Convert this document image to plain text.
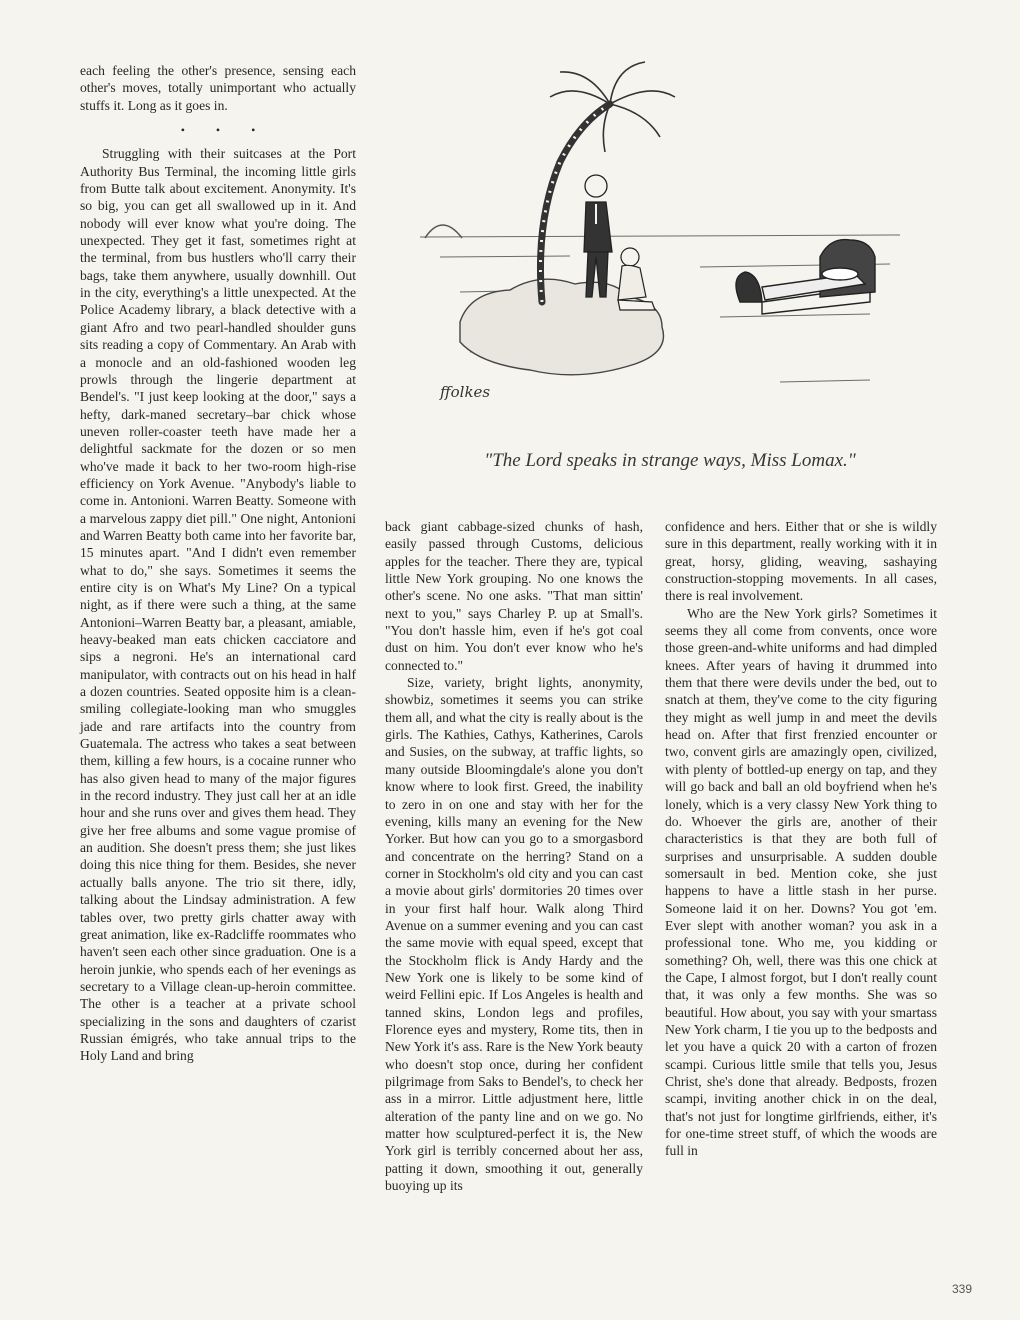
each feeling the other's presence, sensing each other's moves, totally unimportant who actually stuffs it. Long as it goes in.

• • •

Struggling with their suitcases at the Port Authority Bus Terminal, the incoming little girls from Butte talk about excitement. Anonymity. It's so big, you can get all swallowed up in it. And nobody will ever know what you're doing. The unexpected. They get it fast, sometimes right at the terminal, from bus hustlers who'll carry their bags, take them anywhere, usually downhill. Out in the city, everything's a little unexpected. At the Police Academy library, a black detective with a giant Afro and two pearl-handled shoulder guns sits reading a copy of Commentary. An Arab with a monocle and an old-fashioned wooden leg prowls through the lingerie department at Bendel's. "I just keep looking at the door," says a hefty, dark-maned secretary–bar chick whose uneven roller-coaster teeth have made her a delightful sackmate for the dozen or so men who've made it back to her two-room high-rise efficiency on York Avenue. "Anybody's liable to come in. Antonioni. Warren Beatty. Someone with a marvelous zappy diet pill." One night, Antonioni and Warren Beatty both came into her favorite bar, 15 minutes apart. "And I didn't even remember what to do," she says. Sometimes it seems the entire city is on What's My Line? On a typical night, as if there were such a thing, at the same Antonioni–Warren Beatty bar, a pleasant, amiable, heavy-beaked man eats chicken cacciatore and sips a negroni. He's an international card manipulator, with contracts out on his head in half a dozen countries. Seated opposite him is a clean-smiling collegiate-looking man who smuggles jade and rare artifacts into the country from Guatemala. The actress who takes a seat between them, killing a few hours, is a cocaine runner who has also given head to many of the major figures in the record industry. They just call her at an idle hour and she runs over and gives them head. They give her free albums and some vague promise of an audition. She doesn't press them; she just likes doing this nice thing for them. Besides, she never actually balls anyone. The trio sit there, idly, talking about the Lindsay administration. A few tables over, two pretty girls chatter away with great animation, like ex-Radcliffe roommates who haven't seen each other since graduation. One is a heroin junkie, who spends each of her evenings as secretary to a Village clean-up-heroin committee. The other is a teacher at a private school specializing in the sons and daughters of czarist Russian émigrés, who take annual trips to the Holy Land and bring

ffolkes
"The Lord speaks in strange ways, Miss Lomax."

back giant cabbage-sized chunks of hash, easily passed through Customs, delicious apples for the teacher. There they are, typical little New York grouping. No one knows the other's scene. No one asks. "That man sittin' next to you," says Charley P. up at Small's. "You don't hassle him, even if he's got coal dust on him. You don't ever know who he's connected to."

Size, variety, bright lights, anonymity, showbiz, sometimes it seems you can strike them all, and what the city is really about is the girls. The Kathies, Cathys, Katherines, Carols and Susies, on the subway, at traffic lights, so many outside Bloomingdale's alone you don't know where to look first. Greed, the inability to zero in on one and stay with her for the evening, kills many an evening for the New Yorker. But how can you go to a smorgasbord and concentrate on the herring? Stand on a corner in Stockholm's old city and you can cast a movie about girls' dormitories 20 times over in your first half hour. Walk along Third Avenue on a summer evening and you can cast the same movie with equal speed, except that the Stockholm flick is Andy Hardy and the New York one is likely to be some kind of weird Fellini epic. If Los Angeles is health and tanned skins, London legs and profiles, Florence eyes and mystery, Rome tits, then in New York it's ass. Rare is the New York beauty who doesn't stop once, during her confident pilgrimage from Saks to Bendel's, to check her ass in a mirror. Little adjustment here, little alteration of the panty line and on we go. No matter how sculptured-perfect it is, the New York girl is terribly concerned about her ass, patting it down, smoothing it out, generally buoying up its

confidence and hers. Either that or she is wildly sure in this department, really working with it in great, horsy, gliding, weaving, sashaying construction-stopping movements. In all cases, there is real involvement.

Who are the New York girls? Sometimes it seems they all come from convents, once wore those green-and-white uniforms and had dimpled knees. After years of having it drummed into them that there were devils under the bed, out to snatch at them, they've come to the city figuring they might as well jump in and meet the devils head on. After that first frenzied encounter or two, convent girls are amazingly open, civilized, with plenty of bottled-up energy on tap, and they will go back and ball an old boyfriend when he's lonely, which is a very classy New York thing to do. Whoever the girls are, another of their characteristics is that they are both full of surprises and unsurprisable. A sudden double somersault in bed. Mention coke, she just happens to have a little stash in her purse. Someone laid it on her. Downs? You got 'em. Ever slept with another woman? you ask in a professional tone. Who me, you kidding or something? Oh, well, there was this one chick at the Cape, I almost forgot, but I don't really count that, it was only a few months. She was so beautiful. How about, you say with your smartass New York charm, I tie you up to the bedposts and let you have a quick 20 with a carton of frozen scampi. Curious little smile that tells you, Jesus Christ, she's done that already. Bedposts, frozen scampi, inviting another chick in on the deal, that's not just for longtime girlfriends, either, it's for one-time street stuff, of which the woods are full in

339
